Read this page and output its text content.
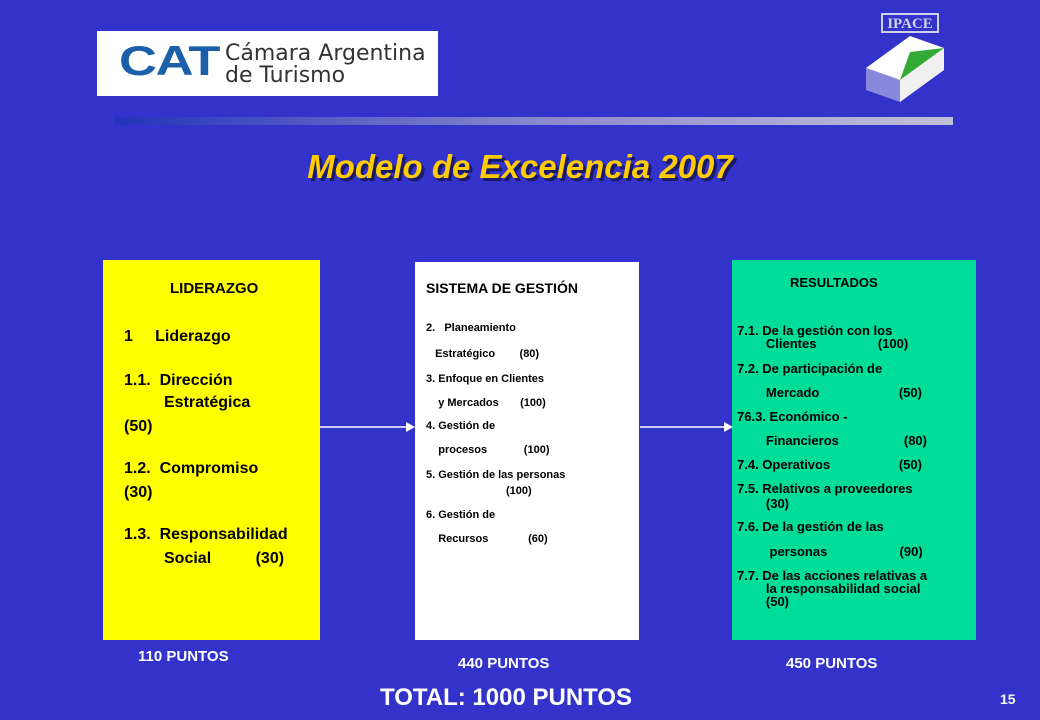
CAT Cámara Argentina
de Turismo
IPACE
Modelo de Excelencia 2007
LIDERAZGO
1     Liderazgo
1.1.  Dirección
Estratégica
(50)
1.2.  Compromiso
(30)
1.3.  Responsabilidad
Social          (30)
SISTEMA DE GESTIÓN
2.   Planeamiento
Estratégico        (80)
3. Enfoque en Clientes
y Mercados       (100)
4. Gestión de
procesos            (100)
5. Gestión de las personas
(100)
6. Gestión de
Recursos             (60)
RESULTADOS
7.1. De la gestión con los
Clientes                 (100)
7.2. De participación de
Mercado                      (50)
76.3. Económico -
Financieros                  (80)
7.4. Operativos                   (50)
7.5. Relativos a proveedores
(30)
7.6. De la gestión de las
personas                    (90)
7.7. De las acciones relativas a
la responsabilidad social
(50)
110 PUNTOS	440 PUNTOS	450 PUNTOS
TOTAL: 1000 PUNTOS	15
